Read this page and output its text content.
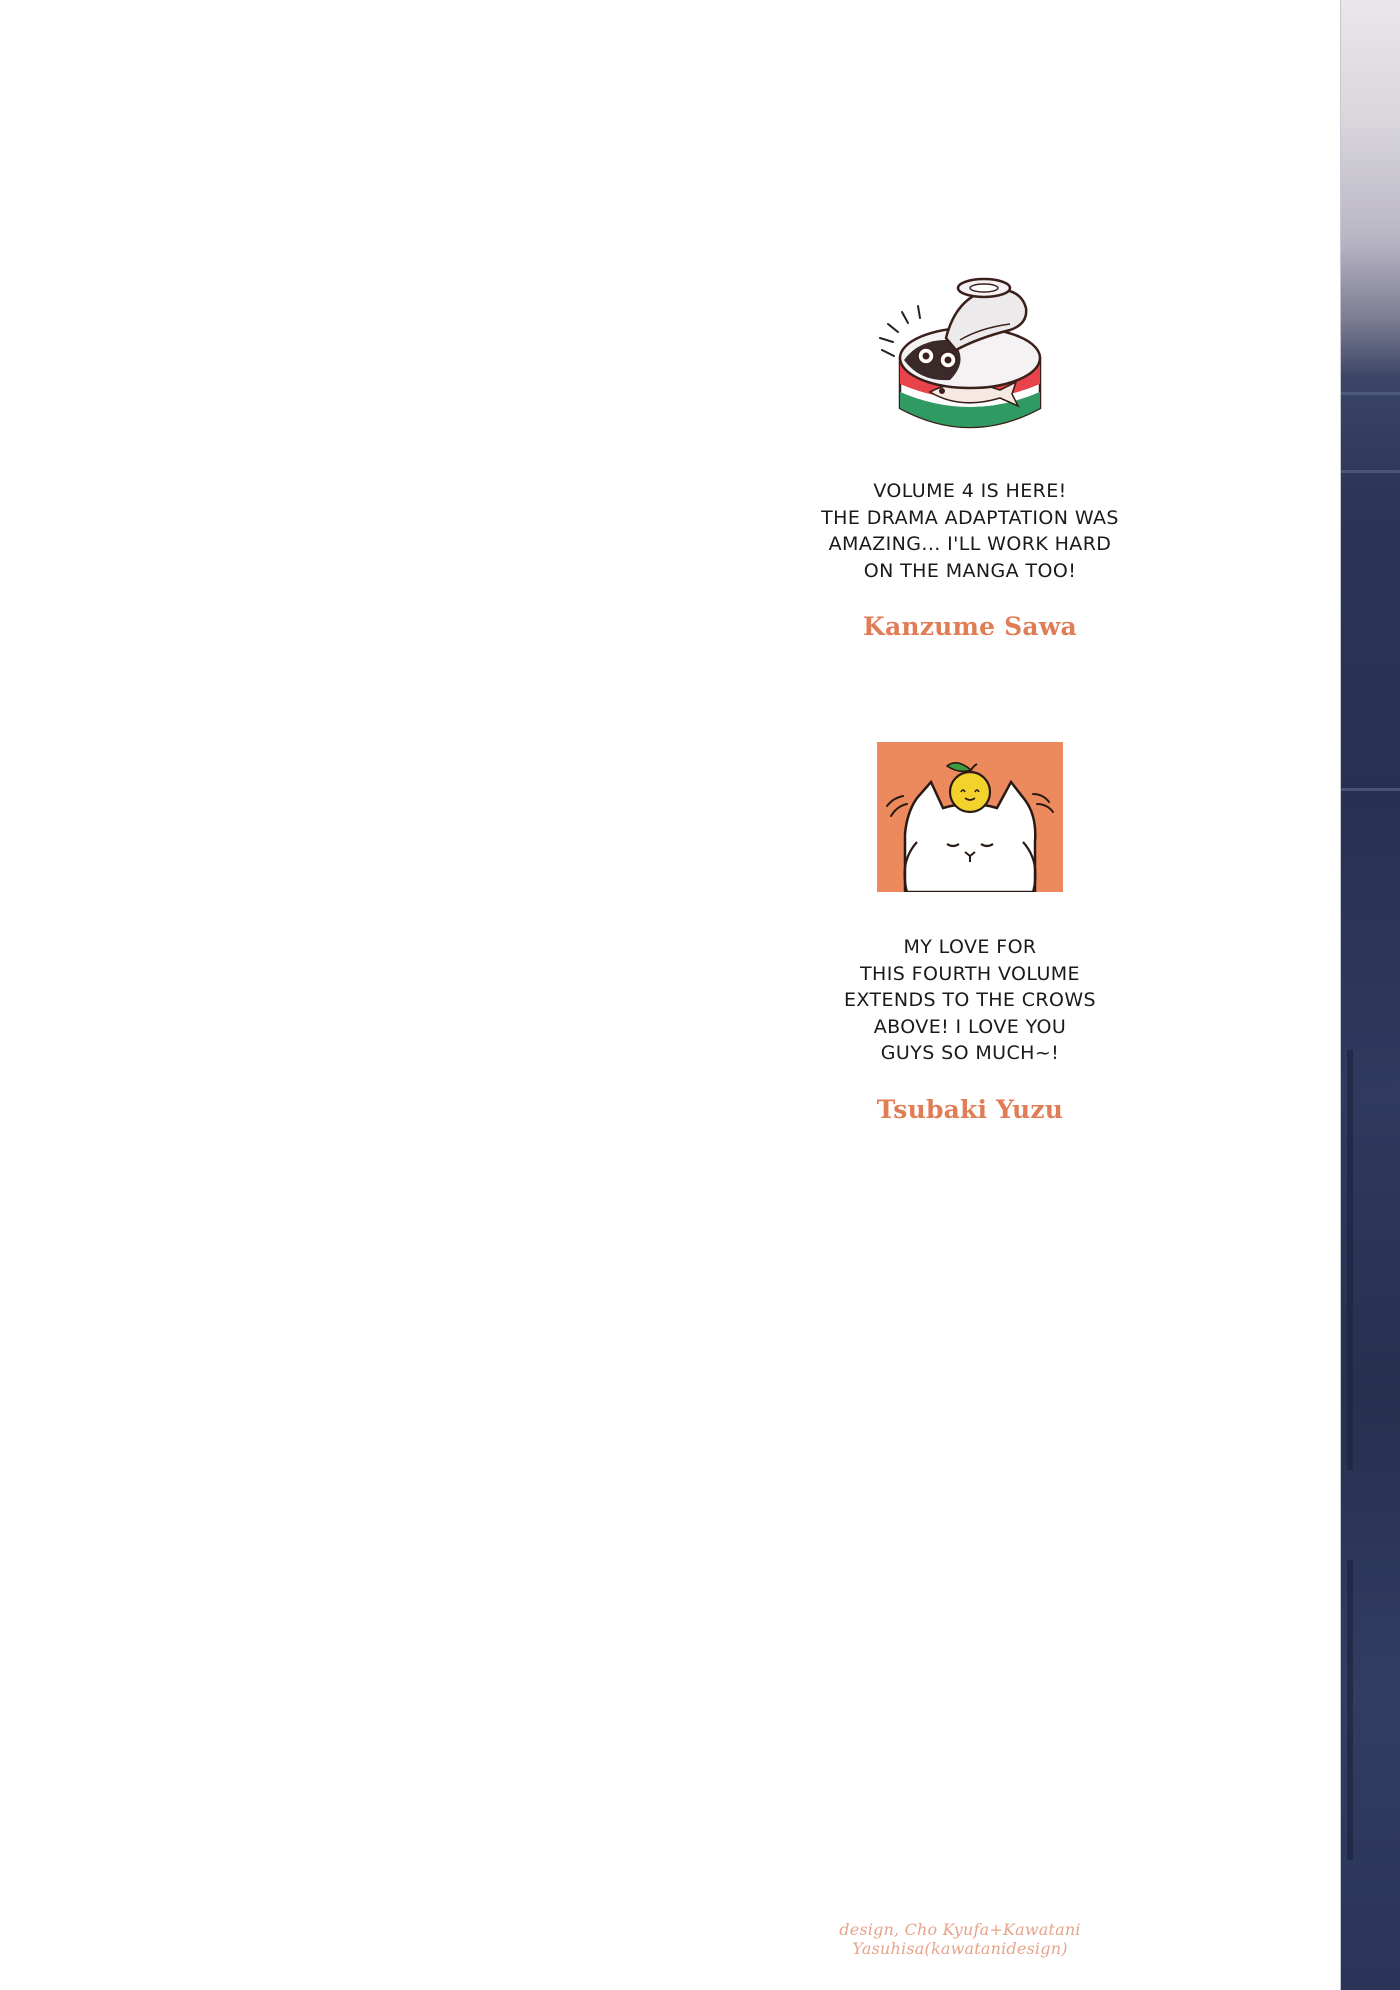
VOLUME 4 IS HERE!
THE DRAMA ADAPTATION WAS
AMAZING... I'LL WORK HARD
ON THE MANGA TOO!

Kanzume Sawa

MY LOVE FOR
THIS FOURTH VOLUME
EXTENDS TO THE CROWS
ABOVE! I LOVE YOU
GUYS SO MUCH~!

Tsubaki Yuzu
design, Cho Kyufa+Kawatani Yasuhisa(kawatanidesign)
